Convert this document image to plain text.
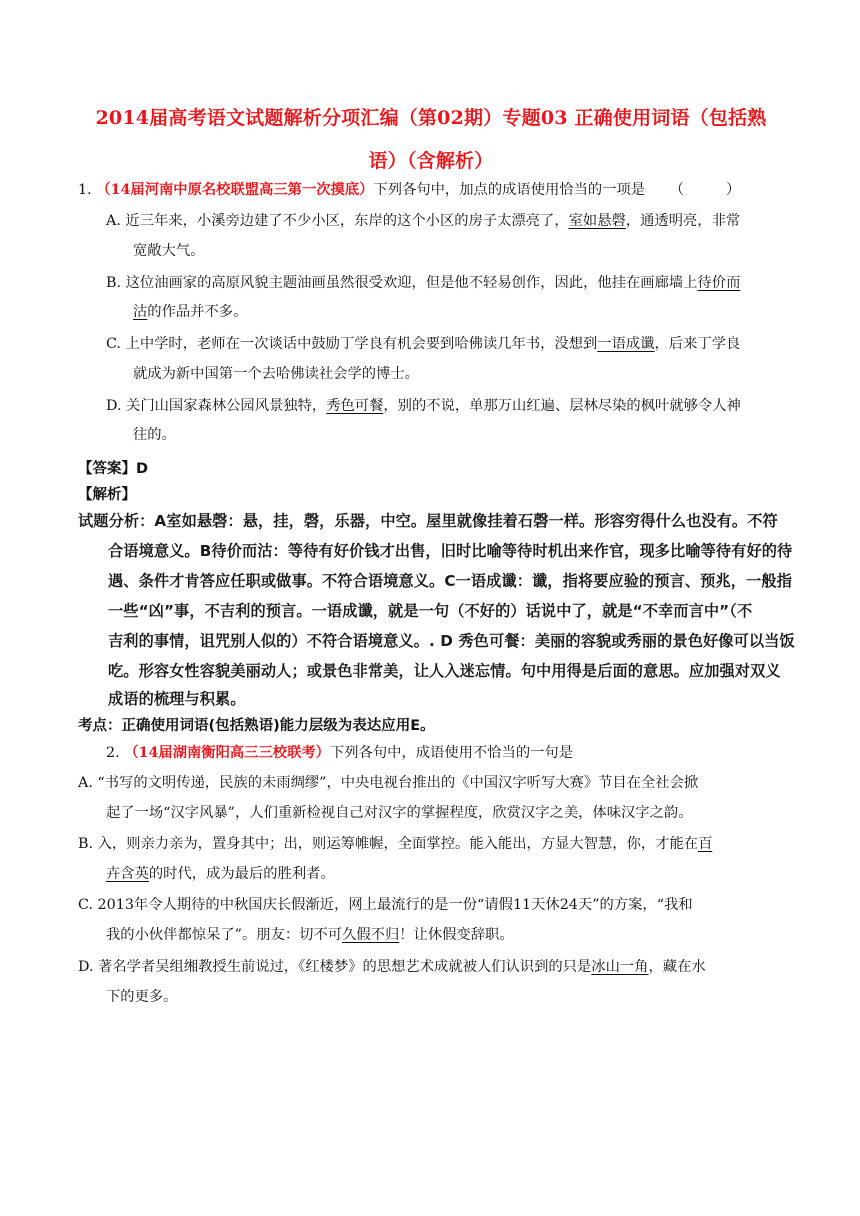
2014届高考语文试题解析分项汇编（第02期）专题03 正确使用词语（包括熟
语）（含解析）
1. （14届河南中原名校联盟高三第一次摸底）下列各句中，加点的成语使用恰当的一项是 （	）
A. 近三年来，小溪旁边建了不少小区，东岸的这个小区的房子太漂亮了，室如悬磬，通透明亮，非常
宽敞大气。
B. 这位油画家的高原风貌主题油画虽然很受欢迎，但是他不轻易创作，因此，他挂在画廊墙上待价而
沽的作品并不多。
C. 上中学时，老师在一次谈话中鼓励丁学良有机会要到哈佛读几年书，没想到一语成谶，后来丁学良
就成为新中国第一个去哈佛读社会学的博士。
D. 关门山国家森林公园风景独特，秀色可餐，别的不说，单那万山红遍、层林尽染的枫叶就够令人神
往的。
【答案】D
【解析】
试题分析：A室如悬磬：悬，挂，磬，乐器，中空。屋里就像挂着石磬一样。形容穷得什么也没有。不符
合语境意义。B待价而沽：等待有好价钱才出售，旧时比喻等待时机出来作官，现多比喻等待有好的待
遇、条件才肯答应任职或做事。不符合语境意义。C一语成谶：谶，指将要应验的预言、预兆，一般指
一些“凶”事，不吉利的预言。一语成谶，就是一句（不好的）话说中了，就是“不幸而言中”（不
吉利的事情，诅咒别人似的）不符合语境意义。. D 秀色可餐：美丽的容貌或秀丽的景色好像可以当饭
吃。形容女性容貌美丽动人；或景色非常美，让人入迷忘情。句中用得是后面的意思。应加强对双义
成语的梳理与积累。
考点：正确使用词语(包括熟语)能力层级为表达应用E。
2. （14届湖南衡阳高三三校联考）下列各句中，成语使用不恰当的一句是
A. “书写的文明传递，民族的未雨绸缪”，中央电视台推出的《中国汉字听写大赛》节目在全社会掀
起了一场“汉字风暴”，人们重新检视自己对汉字的掌握程度，欣赏汉字之美，体味汉字之韵。
B. 入，则亲力亲为，置身其中；出，则运筹帷幄，全面掌控。能入能出，方显大智慧，你，才能在百
卉含英的时代，成为最后的胜利者。
C. 2013年令人期待的中秋国庆长假渐近，网上最流行的是一份“请假11天休24天”的方案，“我和
我的小伙伴都惊呆了”。朋友：切不可久假不归！让休假变辞职。
D. 著名学者吴组缃教授生前说过，《红楼梦》的思想艺术成就被人们认识到的只是冰山一角，藏在水
下的更多。
